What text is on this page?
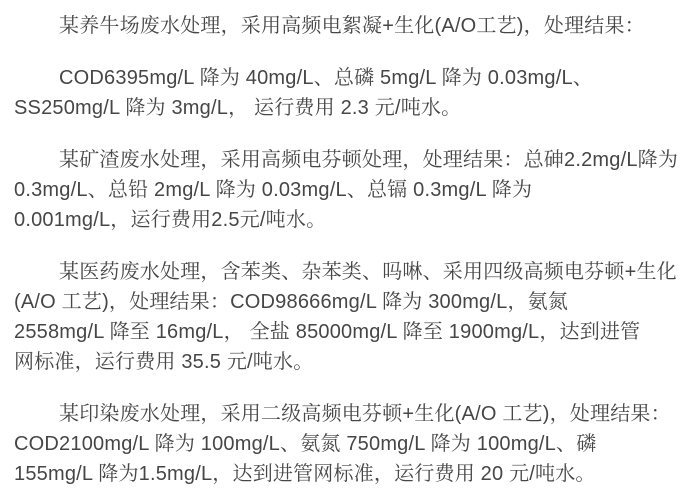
某养牛场废水处理，采用高频电絮凝+生化(A/O工艺)，处理结果：
COD6395mg/L 降为 40mg/L、总磷 5mg/L 降为 0.03mg/L、
SS250mg/L 降为 3mg/L， 运行费用 2.3 元/吨水。
某矿渣废水处理，采用高频电芬顿处理，处理结果：总砷2.2mg/L降为
0.3mg/L、总铅 2mg/L 降为 0.03mg/L、总镉 0.3mg/L 降为
0.001mg/L，运行费用2.5元/吨水。
某医药废水处理，含苯类、杂苯类、吗啉、采用四级高频电芬顿+生化
(A/O 工艺)，处理结果：COD98666mg/L 降为 300mg/L，氨氮
2558mg/L 降至 16mg/L， 全盐 85000mg/L 降至 1900mg/L，达到进管
网标准，运行费用 35.5 元/吨水。
某印染废水处理，采用二级高频电芬顿+生化(A/O 工艺)，处理结果：
COD2100mg/L 降为 100mg/L、氨氮 750mg/L 降为 100mg/L、磷
155mg/L 降为1.5mg/L，达到进管网标准，运行费用 20 元/吨水。
